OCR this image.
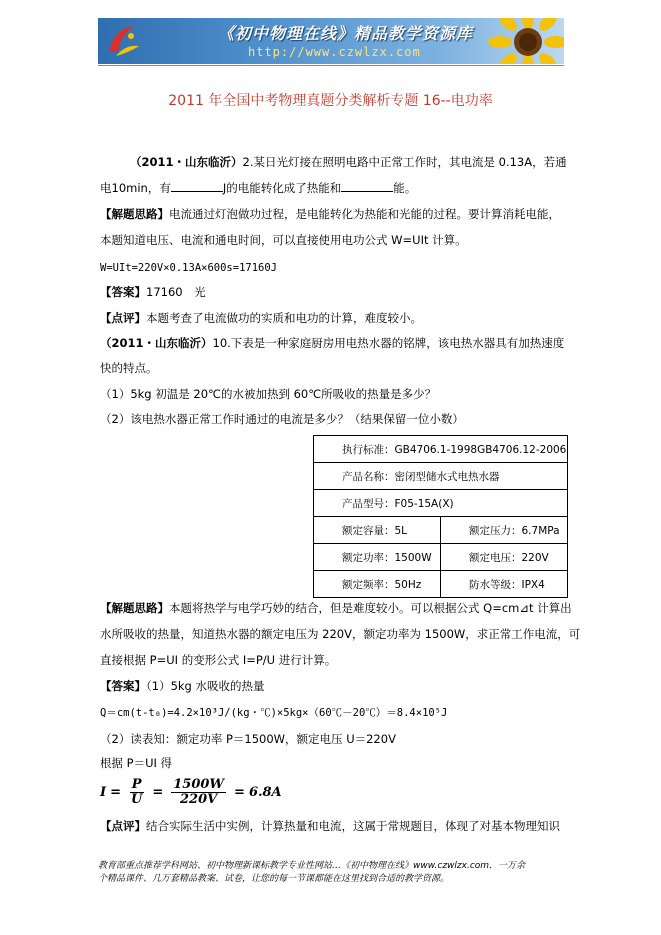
《初中物理在线》精品教学资源库
http://www.czwlzx.com
2011 年全国中考物理真题分类解析专题 16--电功率
（2011・山东临沂）2.某日光灯接在照明电路中正常工作时，其电流是 0.13A，若通
电10min，有	J的电能转化成了热能和	能。
【解题思路】电流通过灯泡做功过程，是电能转化为热能和光能的过程。要计算消耗电能，
本题知道电压、电流和通电时间，可以直接使用电功公式 W=UIt 计算。
W=UIt=220V×0.13A×600s=17160J
【答案】17160　光
【点评】本题考查了电流做功的实质和电功的计算，难度较小。
（2011・山东临沂）10.下表是一种家庭厨房用电热水器的铭牌，该电热水器具有加热速度
快的特点。
（1）5kg 初温是 20℃的水被加热到 60℃所吸收的热量是多少？
（2）该电热水器正常工作时通过的电流是多少？（结果保留一位小数）
执行标准：GB4706.1-1998GB4706.12-2006	
产品名称：密闭型储水式电热水器	
产品型号：F05-15A(X)	
额定容量：5L	额定压力：6.7MPa
额定功率：1500W	额定电压：220V
额定频率：50Hz	防水等级：IPX4
【解题思路】本题将热学与电学巧妙的结合，但是难度较小。可以根据公式 Q=cm⊿t 计算出
水所吸收的热量，知道热水器的额定电压为 220V，额定功率为 1500W，求正常工作电流，可
直接根据 P=UI 的变形公式 I=P/U 进行计算。
【答案】（1）5kg 水吸收的热量
Q＝cm(t-t₀)=4.2×10³J/(kg・℃)×5kg×（60℃－20℃）＝8.4×10⁵J
（2）读表知：额定功率 P＝1500W，额定电压 U＝220V
根据 P＝UI 得
$I = \frac{P}{U} = \frac{1500W}{220V} = 6.8A$
【点评】结合实际生活中实例，计算热量和电流，这属于常规题目，体现了对基本物理知识
教育部重点推荐学科网站、初中物理新课标教学专业性网站…《初中物理在线》www.czwlzx.com．一万余
个精品课件、几万套精品教案、试卷，让您的每一节课都能在这里找到合适的教学资源。
